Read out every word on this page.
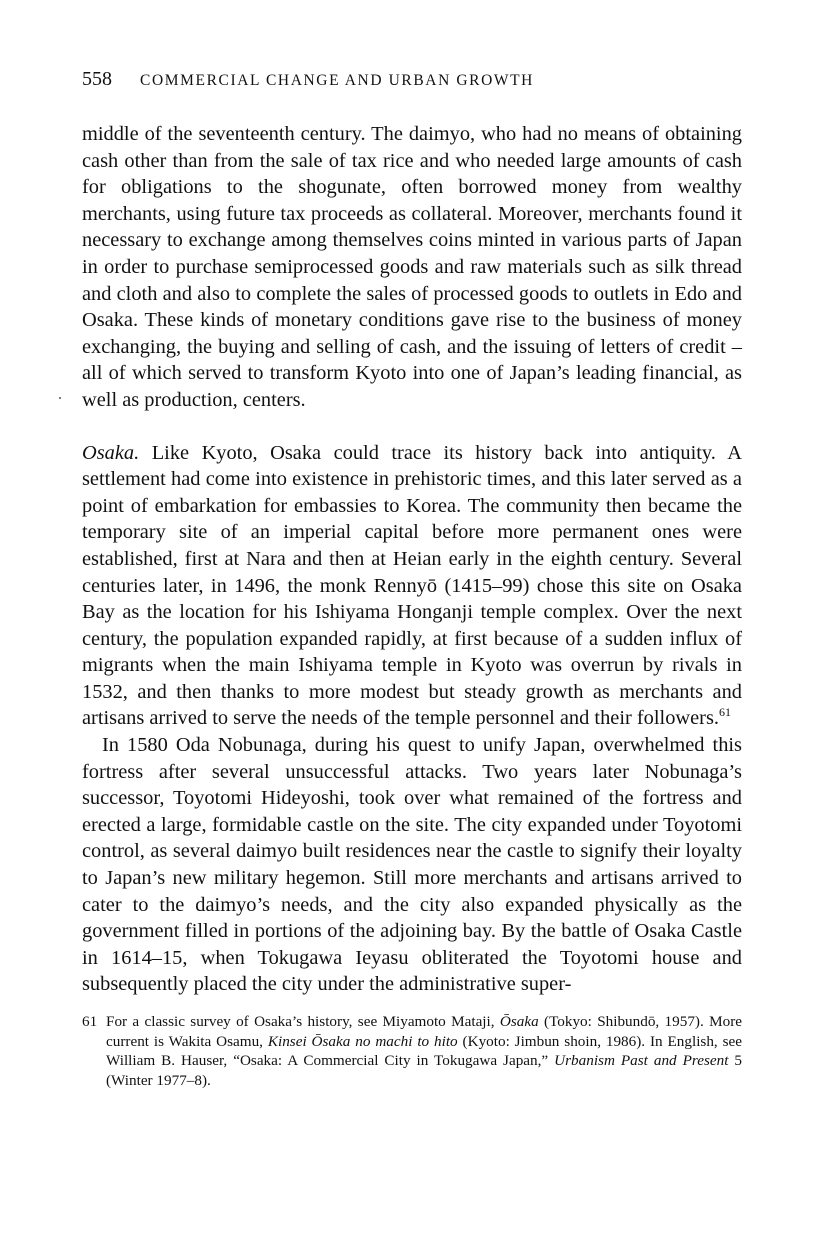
558 COMMERCIAL CHANGE AND URBAN GROWTH

middle of the seventeenth century. The daimyo, who had no means of obtaining cash other than from the sale of tax rice and who needed large amounts of cash for obligations to the shogunate, often borrowed money from wealthy merchants, using future tax proceeds as collateral. Moreover, merchants found it necessary to exchange among themselves coins minted in various parts of Japan in order to purchase semiprocessed goods and raw materials such as silk thread and cloth and also to complete the sales of processed goods to outlets in Edo and Osaka. These kinds of monetary conditions gave rise to the business of money exchanging, the buying and selling of cash, and the issuing of letters of credit – all of which served to transform Kyoto into one of Japan’s leading financial, as well as production, centers.

Osaka. Like Kyoto, Osaka could trace its history back into antiquity. A settlement had come into existence in prehistoric times, and this later served as a point of embarkation for embassies to Korea. The community then became the temporary site of an imperial capital before more permanent ones were established, first at Nara and then at Heian early in the eighth century. Several centuries later, in 1496, the monk Rennyō (1415–99) chose this site on Osaka Bay as the location for his Ishiyama Honganji temple complex. Over the next century, the population expanded rapidly, at first because of a sudden influx of migrants when the main Ishiyama temple in Kyoto was overrun by rivals in 1532, and then thanks to more modest but steady growth as merchants and artisans arrived to serve the needs of the temple personnel and their followers.$^{61}$

In 1580 Oda Nobunaga, during his quest to unify Japan, overwhelmed this fortress after several unsuccessful attacks. Two years later Nobunaga’s successor, Toyotomi Hideyoshi, took over what remained of the fortress and erected a large, formidable castle on the site. The city expanded under Toyotomi control, as several daimyo built residences near the castle to signify their loyalty to Japan’s new military hegemon. Still more merchants and artisans arrived to cater to the daimyo’s needs, and the city also expanded physically as the government filled in portions of the adjoining bay. By the battle of Osaka Castle in 1614–15, when Tokugawa Ieyasu obliterated the Toyotomi house and subsequently placed the city under the administrative super-

61 For a classic survey of Osaka’s history, see Miyamoto Mataji, Ōsaka (Tokyo: Shibundō, 1957). More current is Wakita Osamu, Kinsei Ōsaka no machi to hito (Kyoto: Jimbun shoin, 1986). In English, see William B. Hauser, “Osaka: A Commercial City in Tokugawa Japan,” Urbanism Past and Present 5 (Winter 1977–8).
